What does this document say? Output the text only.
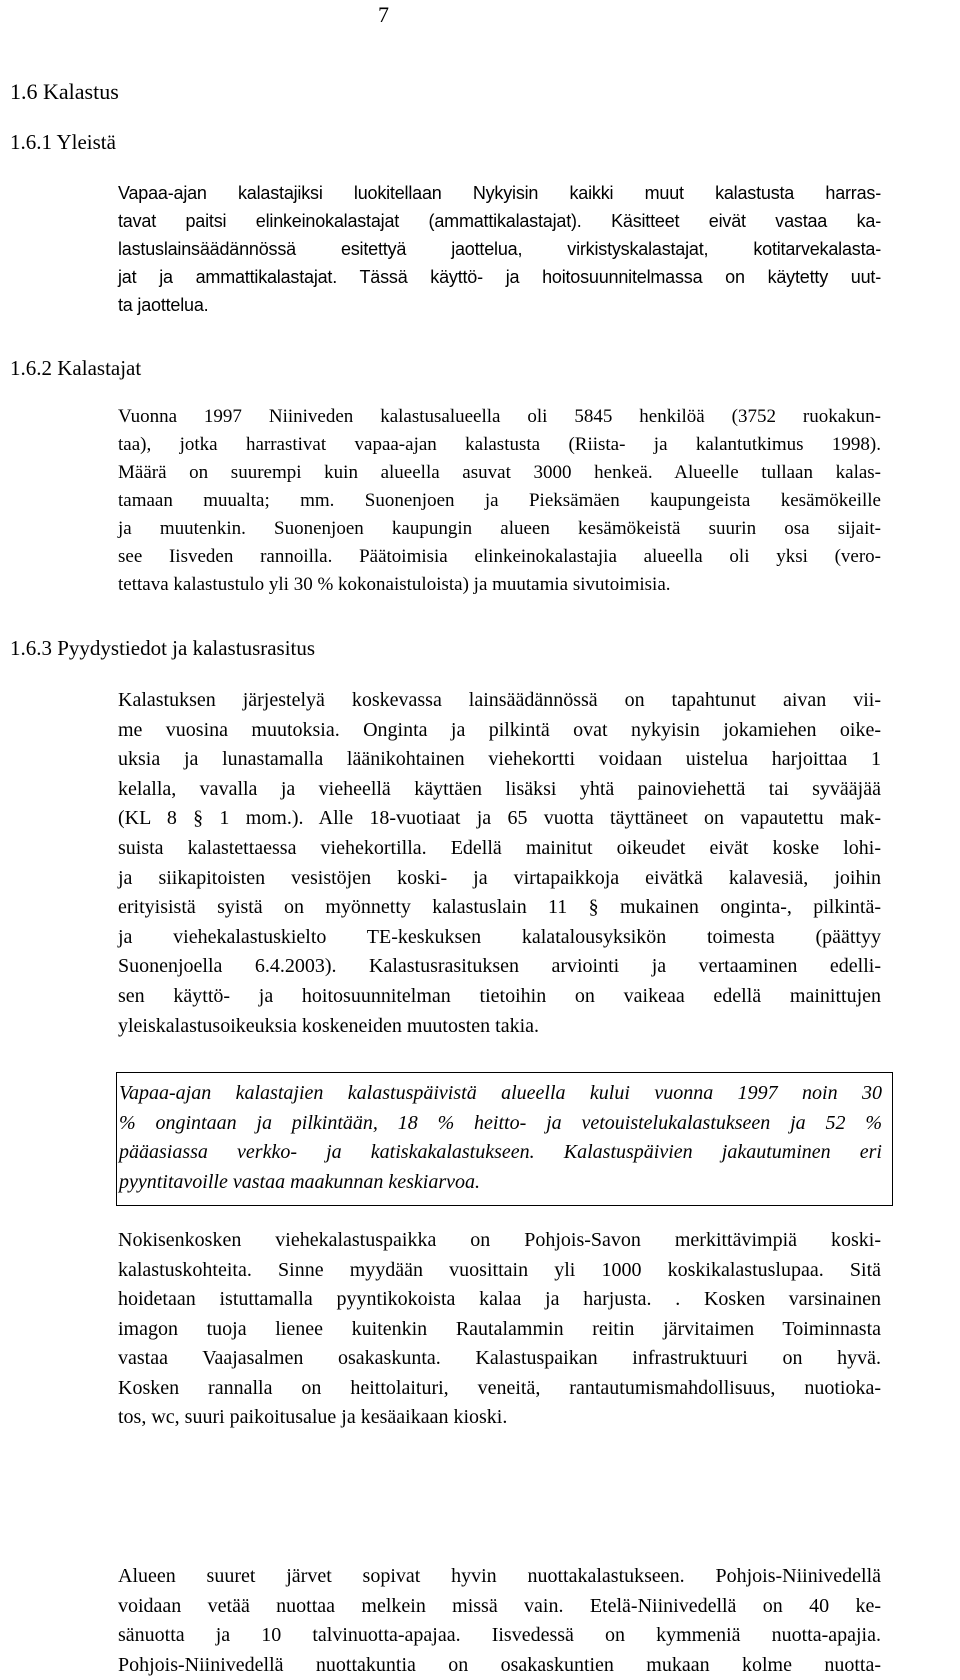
7
1.6 Kalastus
1.6.1 Yleistä
Vapaa-ajan kalastajiksi luokitellaan Nykyisin kaikki muut kalastusta harras-
tavat paitsi elinkeinokalastajat (ammattikalastajat). Käsitteet eivät vastaa ka-
lastuslainsäädännössä esitettyä jaottelua, virkistyskalastajat, kotitarvekalasta-
jat ja ammattikalastajat. Tässä käyttö- ja hoitosuunnitelmassa on käytetty uut-
ta jaottelua.
1.6.2 Kalastajat
Vuonna 1997 Niiniveden kalastusalueella oli 5845 henkilöä (3752 ruokakun-
taa), jotka harrastivat vapaa-ajan kalastusta (Riista- ja kalantutkimus 1998).
Määrä on suurempi kuin alueella asuvat 3000 henkeä. Alueelle tullaan kalas-
tamaan muualta; mm. Suonenjoen ja Pieksämäen kaupungeista kesämökeille
ja muutenkin. Suonenjoen kaupungin alueen kesämökeistä suurin osa sijait-
see Iisveden rannoilla. Päätoimisia elinkeinokalastajia alueella oli yksi (vero-
tettava kalastustulo yli 30 % kokonaistuloista) ja muutamia sivutoimisia.
1.6.3 Pyydystiedot ja kalastusrasitus
Kalastuksen järjestelyä koskevassa lainsäädännössä on tapahtunut aivan vii-
me vuosina muutoksia. Onginta ja pilkintä ovat nykyisin jokamiehen oike-
uksia ja lunastamalla läänikohtainen viehekortti voidaan uistelua harjoittaa 1
kelalla, vavalla ja vieheellä käyttäen lisäksi yhtä painoviehettä tai syvääjää
(KL 8 § 1 mom.). Alle 18-vuotiaat ja 65 vuotta täyttäneet on vapautettu mak-
suista kalastettaessa viehekortilla. Edellä mainitut oikeudet eivät koske lohi-
ja siikapitoisten vesistöjen koski- ja virtapaikkoja eivätkä kalavesiä, joihin
erityisistä syistä on myönnetty kalastuslain 11 § mukainen onginta-, pilkintä-
ja viehekalastuskielto TE-keskuksen kalatalousyksikön toimesta (päättyy
Suonenjoella 6.4.2003). Kalastusrasituksen arviointi ja vertaaminen edelli-
sen käyttö- ja hoitosuunnitelman tietoihin on vaikeaa edellä mainittujen
yleiskalastusoikeuksia koskeneiden muutosten takia.
Vapaa-ajan kalastajien kalastuspäivistä alueella kului vuonna 1997 noin 30
% ongintaan ja pilkintään, 18 % heitto- ja vetouistelukalastukseen ja 52 %
pääasiassa verkko- ja katiskakalastukseen. Kalastuspäivien jakautuminen eri
pyyntitavoille vastaa maakunnan keskiarvoa.
Nokisenkosken viehekalastuspaikka on Pohjois-Savon merkittävimpiä koski-
kalastuskohteita. Sinne myydään vuosittain yli 1000 koskikalastuslupaa. Sitä
hoidetaan istuttamalla pyyntikokoista kalaa ja harjusta. . Kosken varsinainen
imagon tuoja lienee kuitenkin Rautalammin reitin järvitaimen Toiminnasta
vastaa Vaajasalmen osakaskunta. Kalastuspaikan infrastruktuuri on hyvä.
Kosken rannalla on heittolaituri, veneitä, rantautumismahdollisuus, nuotioka-
tos, wc, suuri paikoitusalue ja kesäaikaan kioski.
Alueen suuret järvet sopivat hyvin nuottakalastukseen. Pohjois-Niinivedellä
voidaan vetää nuottaa melkein missä vain. Etelä-Niinivedellä on 40 ke-
sänuotta ja 10 talvinuotta-apajaa. Iisvedessä on kymmeniä nuotta-apajia.
Pohjois-Niinivedellä nuottakuntia on osakaskuntien mukaan kolme nuotta-
